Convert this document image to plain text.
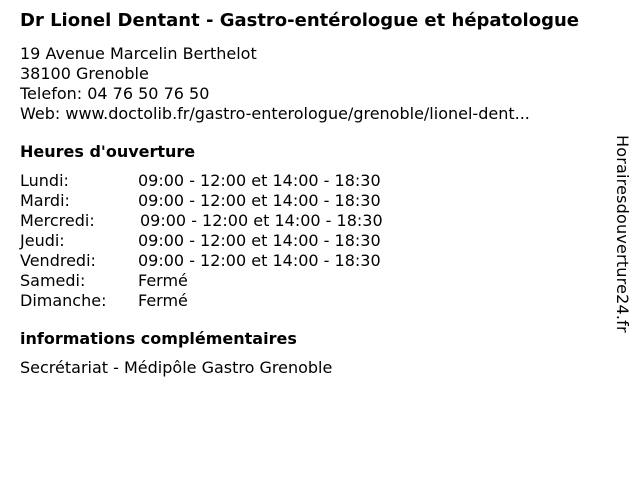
Dr Lionel Dentant - Gastro-entérologue et hépatologue
19 Avenue Marcelin Berthelot
38100 Grenoble
Telefon: 04 76 50 76 50
Web: www.doctolib.fr/gastro-enterologue/grenoble/lionel-dent...
Heures d'ouverture
Lundi:	09:00 - 12:00 et 14:00 - 18:30
Mardi:	09:00 - 12:00 et 14:00 - 18:30
Mercredi:	09:00 - 12:00 et 14:00 - 18:30
Jeudi:	09:00 - 12:00 et 14:00 - 18:30
Vendredi:	09:00 - 12:00 et 14:00 - 18:30
Samedi:	Fermé
Dimanche:	Fermé
informations complémentaires
Secrétariat - Médipôle Gastro Grenoble
Horairesdouverture24.fr
